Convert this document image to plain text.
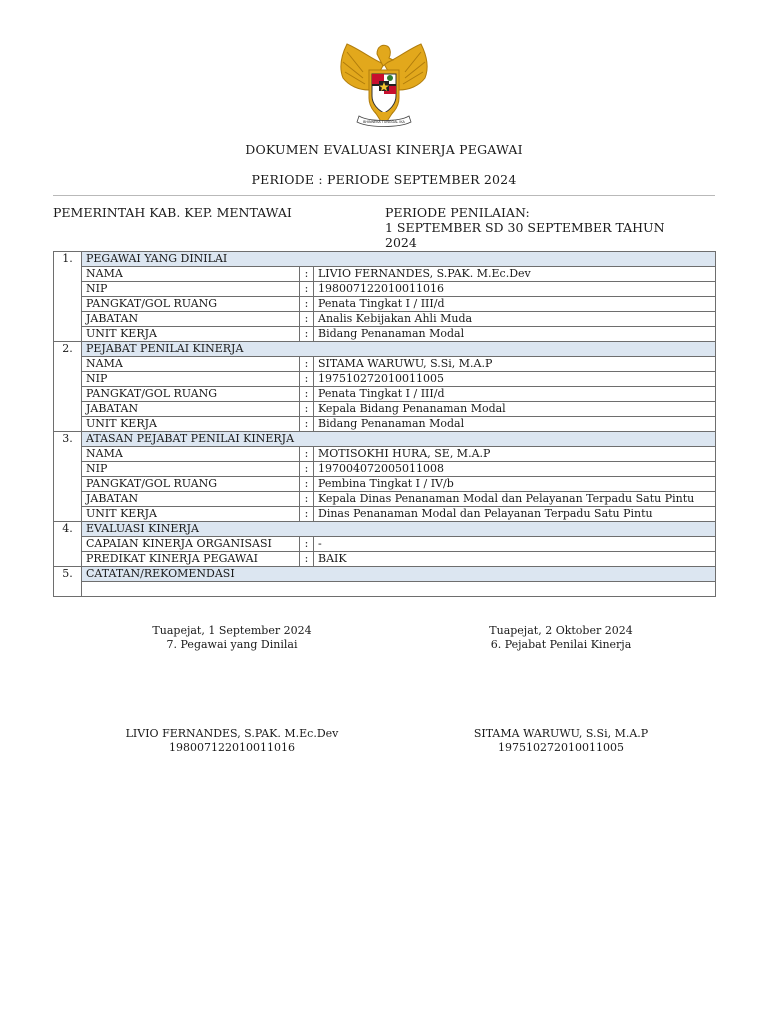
BHINNEKA TUNGGAL IKA
DOKUMEN EVALUASI KINERJA PEGAWAI
PERIODE : PERIODE SEPTEMBER 2024
PEMERINTAH KAB. KEP. MENTAWAI	PERIODE PENILAIAN:
1 SEPTEMBER SD 30 SEPTEMBER TAHUN
2024
1.	PEGAWAI YANG DINILAI		
	NAMA	:	LIVIO FERNANDES, S.PAK. M.Ec.Dev
	NIP	:	198007122010011016
	PANGKAT/GOL RUANG	:	Penata Tingkat I / III/d
	JABATAN	:	Analis Kebijakan Ahli Muda
	UNIT KERJA	:	Bidang Penanaman Modal
2.	PEJABAT PENILAI KINERJA		
	NAMA	:	SITAMA WARUWU, S.Si, M.A.P
	NIP	:	197510272010011005
	PANGKAT/GOL RUANG	:	Penata Tingkat I / III/d
	JABATAN	:	Kepala Bidang Penanaman Modal
	UNIT KERJA	:	Bidang Penanaman Modal
3.	ATASAN PEJABAT PENILAI KINERJA		
	NAMA	:	MOTISOKHI HURA, SE, M.A.P
	NIP	:	197004072005011008
	PANGKAT/GOL RUANG	:	Pembina Tingkat I / IV/b
	JABATAN	:	Kepala Dinas Penanaman Modal dan Pelayanan Terpadu Satu Pintu
	UNIT KERJA	:	Dinas Penanaman Modal dan Pelayanan Terpadu Satu Pintu
4.	EVALUASI KINERJA		
	CAPAIAN KINERJA ORGANISASI	:	-
	PREDIKAT KINERJA PEGAWAI	:	BAIK
5.	CATATAN/REKOMENDASI		

Tuapejat, 1 September 2024
7. Pegawai yang Dinilai
Tuapejat, 2 Oktober 2024
6. Pejabat Penilai Kinerja
LIVIO FERNANDES, S.PAK. M.Ec.Dev
198007122010011016
SITAMA WARUWU, S.Si, M.A.P
197510272010011005
